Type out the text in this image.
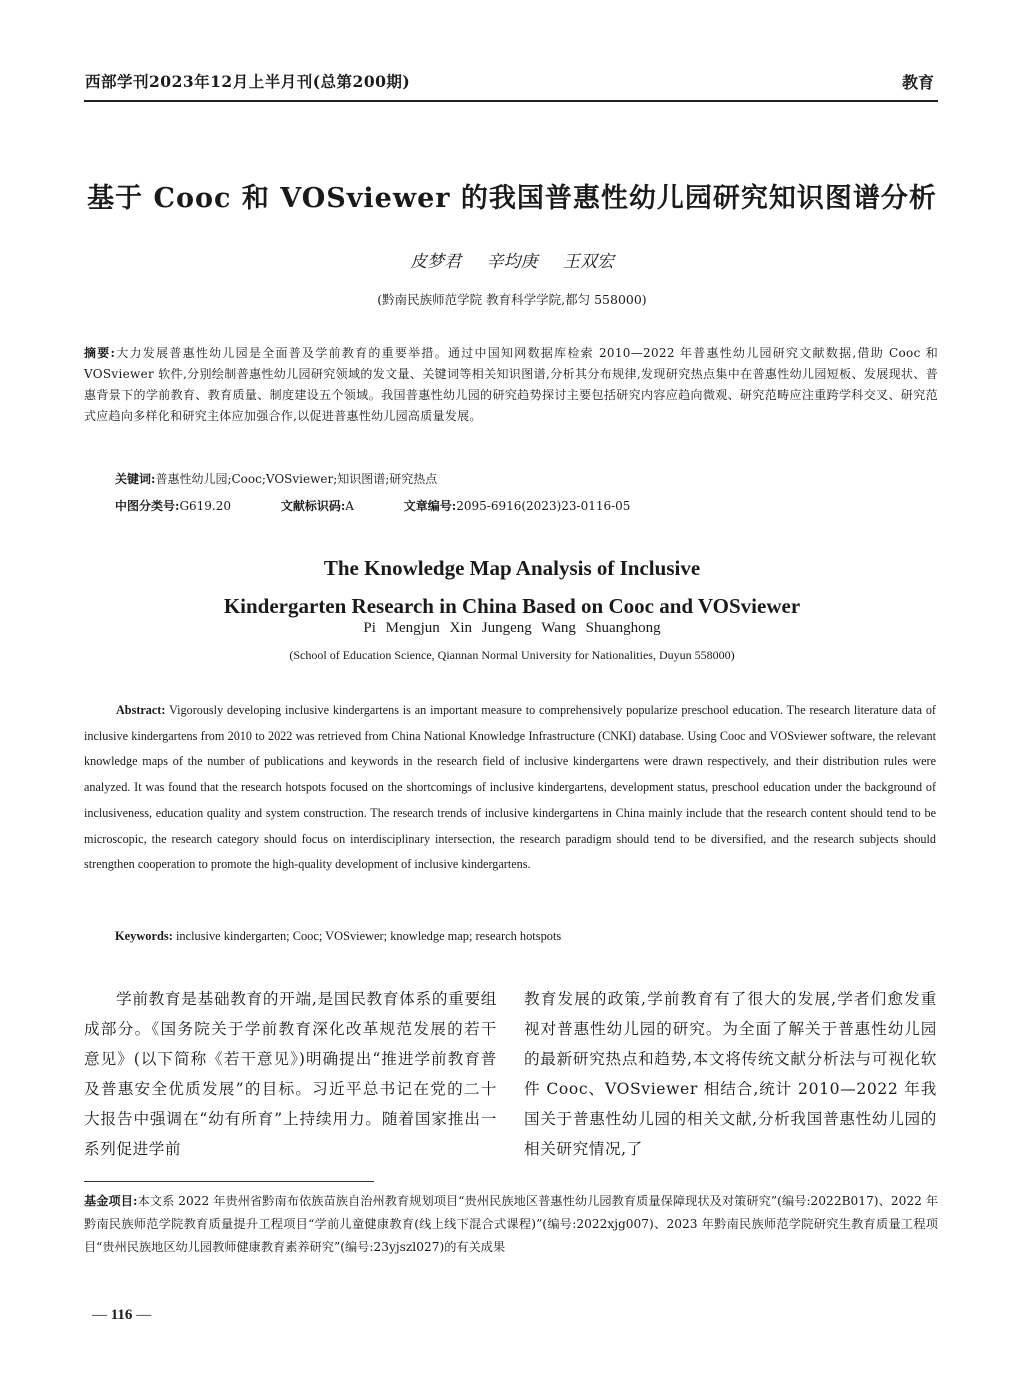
西部学刊2023年12月上半月刊(总第200期)	教育
基于 Cooc 和 VOSviewer 的我国普惠性幼儿园研究知识图谱分析
皮梦君 辛均庚 王双宏
(黔南民族师范学院 教育科学学院,都匀 558000)
摘要:大力发展普惠性幼儿园是全面普及学前教育的重要举措。通过中国知网数据库检索 2010—2022 年普惠性幼儿园研究文献数据,借助 Cooc 和 VOSviewer 软件,分别绘制普惠性幼儿园研究领域的发文量、关键词等相关知识图谱,分析其分布规律,发现研究热点集中在普惠性幼儿园短板、发展现状、普惠背景下的学前教育、教育质量、制度建设五个领域。我国普惠性幼儿园的研究趋势探讨主要包括研究内容应趋向微观、研究范畴应注重跨学科交叉、研究范式应趋向多样化和研究主体应加强合作,以促进普惠性幼儿园高质量发展。
关键词:普惠性幼儿园;Cooc;VOSviewer;知识图谱;研究热点
中图分类号:G619.20	文献标识码:A	文章编号:2095-6916(2023)23-0116-05
The Knowledge Map Analysis of Inclusive
Kindergarten Research in China Based on Cooc and VOSviewer
Pi Mengjun Xin Jungeng Wang Shuanghong
(School of Education Science, Qiannan Normal University for Nationalities, Duyun 558000)
Abstract: Vigorously developing inclusive kindergartens is an important measure to comprehensively popularize preschool education. The research literature data of inclusive kindergartens from 2010 to 2022 was retrieved from China National Knowledge Infrastructure (CNKI) database. Using Cooc and VOSviewer software, the relevant knowledge maps of the number of publications and keywords in the research field of inclusive kindergartens were drawn respectively, and their distribution rules were analyzed. It was found that the research hotspots focused on the shortcomings of inclusive kindergartens, development status, preschool education under the background of inclusiveness, education quality and system construction. The research trends of inclusive kindergartens in China mainly include that the research content should tend to be microscopic, the research category should focus on interdisciplinary intersection, the research paradigm should tend to be diversified, and the research subjects should strengthen cooperation to promote the high-quality development of inclusive kindergartens.
Keywords: inclusive kindergarten; Cooc; VOSviewer; knowledge map; research hotspots
学前教育是基础教育的开端,是国民教育体系的重要组成部分。《国务院关于学前教育深化改革规范发展的若干意见》(以下简称《若干意见》)明确提出“推进学前教育普及普惠安全优质发展”的目标。习近平总书记在党的二十大报告中强调在“幼有所育”上持续用力。随着国家推出一系列促进学前
教育发展的政策,学前教育有了很大的发展,学者们愈发重视对普惠性幼儿园的研究。为全面了解关于普惠性幼儿园的最新研究热点和趋势,本文将传统文献分析法与可视化软件 Cooc、VOSviewer 相结合,统计 2010—2022 年我国关于普惠性幼儿园的相关文献,分析我国普惠性幼儿园的相关研究情况,了
基金项目:本文系 2022 年贵州省黔南布依族苗族自治州教育规划项目“贵州民族地区普惠性幼儿园教育质量保障现状及对策研究”(编号:2022B017)、2022 年黔南民族师范学院教育质量提升工程项目“学前儿童健康教育(线上线下混合式课程)”(编号:2022xjg007)、2023 年黔南民族师范学院研究生教育质量工程项目“贵州民族地区幼儿园教师健康教育素养研究”(编号:23yjszl027)的有关成果
— 116 —
